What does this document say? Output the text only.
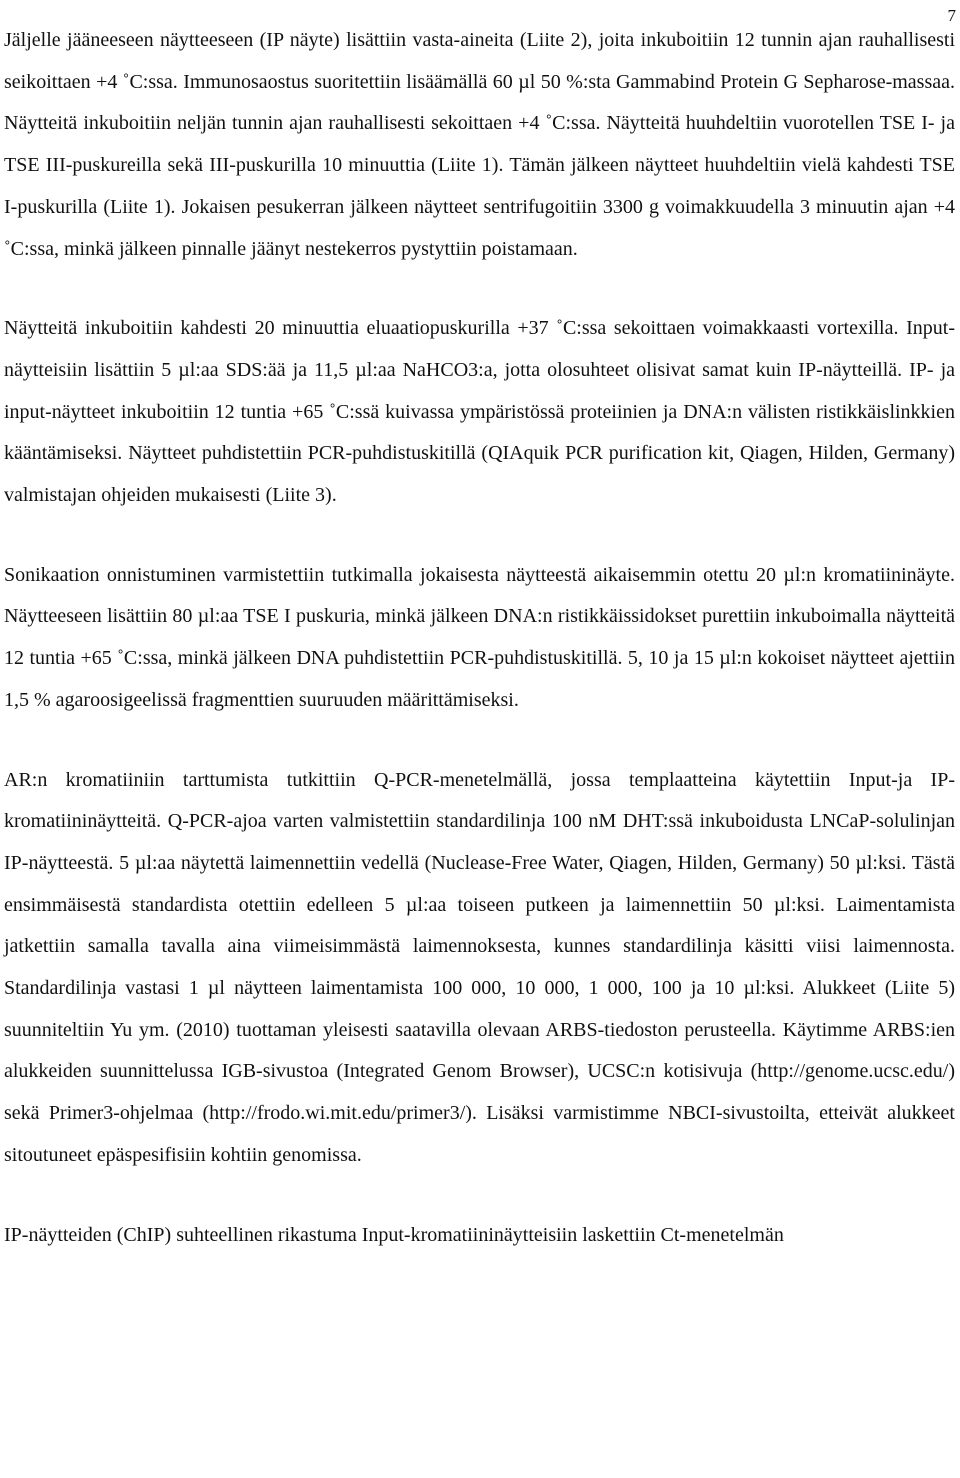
7

Jäljelle jääneeseen näytteeseen (IP näyte) lisättiin vasta-aineita (Liite 2), joita inkuboitiin 12 tunnin ajan rauhallisesti seikoittaen +4 ˚C:ssa. Immunosaostus suoritettiin lisäämällä 60 µl 50 %:sta Gammabind Protein G Sepharose-massaa. Näytteitä inkuboitiin neljän tunnin ajan rauhallisesti sekoittaen +4 ˚C:ssa. Näytteitä huuhdeltiin vuorotellen TSE I- ja TSE III-puskureilla sekä III-puskurilla 10 minuuttia (Liite 1). Tämän jälkeen näytteet huuhdeltiin vielä kahdesti TSE I-puskurilla (Liite 1). Jokaisen pesukerran jälkeen näytteet sentrifugoitiin 3300 g voimakkuudella 3 minuutin ajan +4 ˚C:ssa, minkä jälkeen pinnalle jäänyt nestekerros pystyttiin poistamaan.

Näytteitä inkuboitiin kahdesti 20 minuuttia eluaatiopuskurilla +37 ˚C:ssa sekoittaen voimakkaasti vortexilla. Input-näytteisiin lisättiin 5 µl:aa SDS:ää ja 11,5 µl:aa NaHCO3:a, jotta olosuhteet olisivat samat kuin IP-näytteillä. IP- ja input-näytteet inkuboitiin 12 tuntia +65 ˚C:ssä kuivassa ympäristössä proteiinien ja DNA:n välisten ristikkäislinkkien kääntämiseksi. Näytteet puhdistettiin PCR-puhdistuskitillä (QIAquik PCR purification kit, Qiagen, Hilden, Germany) valmistajan ohjeiden mukaisesti (Liite 3).

Sonikaation onnistuminen varmistettiin tutkimalla jokaisesta näytteestä aikaisemmin otettu 20 µl:n kromatiininäyte. Näytteeseen lisättiin 80 µl:aa TSE I puskuria, minkä jälkeen DNA:n ristikkäissidokset purettiin inkuboimalla näytteitä 12 tuntia +65 ˚C:ssa, minkä jälkeen DNA puhdistettiin PCR-puhdistuskitillä. 5, 10 ja 15 µl:n kokoiset näytteet ajettiin 1,5 % agaroosigeelissä fragmenttien suuruuden määrittämiseksi.

AR:n kromatiiniin tarttumista tutkittiin Q-PCR-menetelmällä, jossa templaatteina käytettiin Input-ja IP-kromatiininäytteitä. Q-PCR-ajoa varten valmistettiin standardilinja 100 nM DHT:ssä inkuboidusta LNCaP-solulinjan IP-näytteestä. 5 µl:aa näytettä laimennettiin vedellä (Nuclease-Free Water, Qiagen, Hilden, Germany) 50 µl:ksi. Tästä ensimmäisestä standardista otettiin edelleen 5 µl:aa toiseen putkeen ja laimennettiin 50 µl:ksi. Laimentamista jatkettiin samalla tavalla aina viimeisimmästä laimennoksesta, kunnes standardilinja käsitti viisi laimennosta. Standardilinja vastasi 1 µl näytteen laimentamista 100 000, 10 000, 1 000, 100 ja 10 µl:ksi. Alukkeet (Liite 5) suunniteltiin Yu ym. (2010) tuottaman yleisesti saatavilla olevaan ARBS-tiedoston perusteella. Käytimme ARBS:ien alukkeiden suunnittelussa IGB-sivustoa (Integrated Genom Browser), UCSC:n kotisivuja (http://genome.ucsc.edu/) sekä Primer3-ohjelmaa (http://frodo.wi.mit.edu/primer3/). Lisäksi varmistimme NBCI-sivustoilta, etteivät alukkeet sitoutuneet epäspesifisiin kohtiin genomissa.

IP-näytteiden (ChIP) suhteellinen rikastuma Input-kromatiininäytteisiin laskettiin Ct-menetelmän
